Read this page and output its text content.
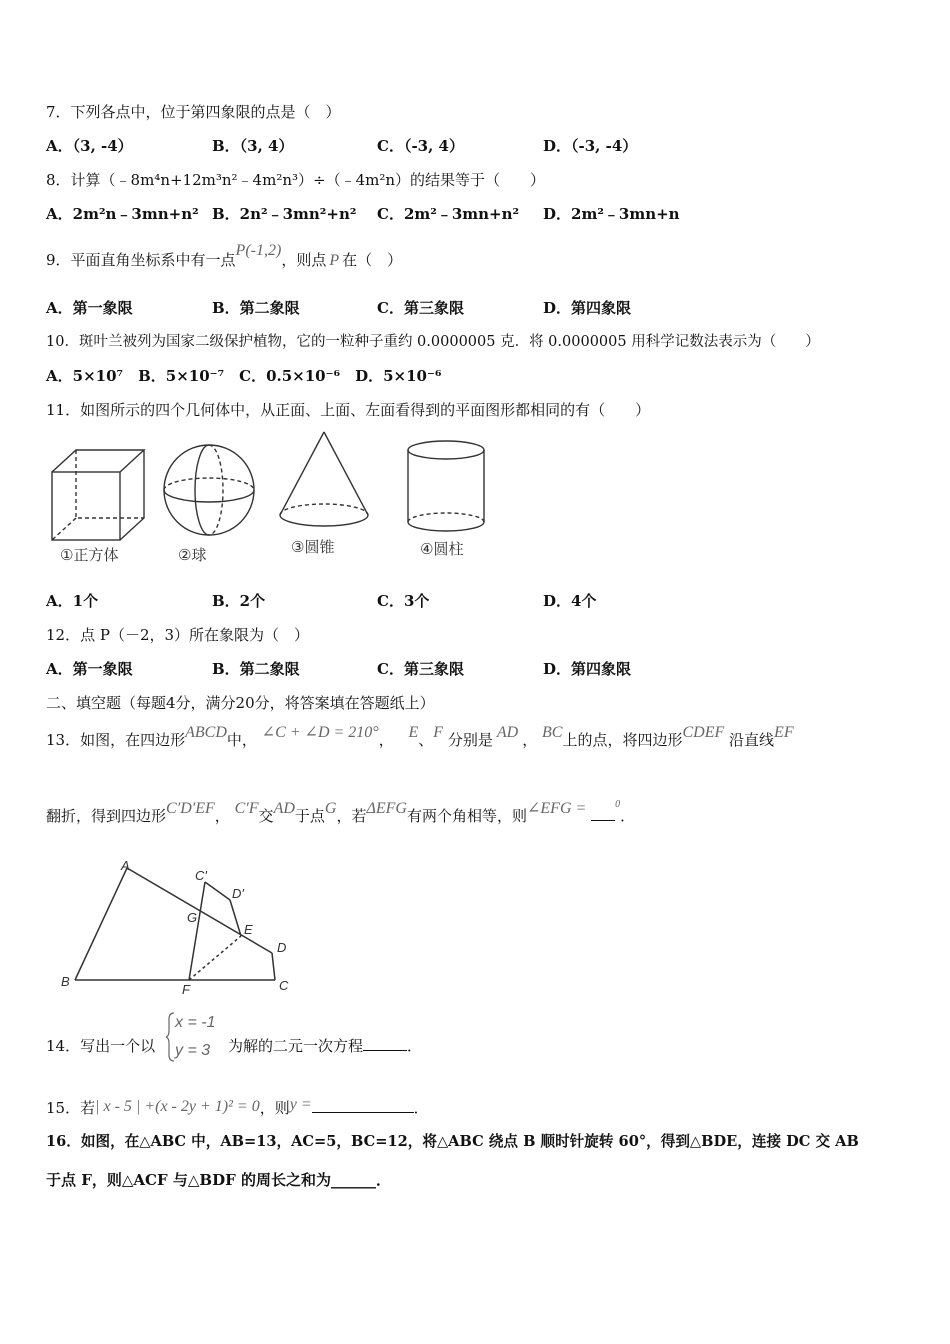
7．下列各点中，位于第四象限的点是（　）
A．（3, -4）	B．（3, 4）	C．（-3, 4）	D．（-3, -4）
8．计算（﹣8m⁴n+12m³n²﹣4m²n³）÷（﹣4m²n）的结果等于（　　）
A．2m²n﹣3mn+n² B．2n²﹣3mn²+n² C．2m²﹣3mn+n² D．2m²﹣3mn+n
9．平面直角坐标系中有一点P(-1,2)，则点 P 在（　）
A．第一象限	B．第二象限	C．第三象限	D．第四象限
10．斑叶兰被列为国家二级保护植物，它的一粒种子重约 0.0000005 克．将 0.0000005 用科学记数法表示为（　　）
A．5×10⁷　B．5×10⁻⁷　C．0.5×10⁻⁶　D．5×10⁻⁶
11．如图所示的四个几何体中，从正面、上面、左面看得到的平面图形都相同的有（　　）
①正方体	②球	③圆锥	④圆柱
A．1个	B．2个	C．3个	D．4个
12．点 P（－2，3）所在象限为（　）
A．第一象限	B．第二象限	C．第三象限	D．第四象限
二、填空题（每题4分，满分20分，将答案填在答题纸上）
13．如图，在四边形ABCD中， ∠C + ∠D = 210°， E、F 分别是 AD ， BC上的点，将四边形CDEF 沿直线EF
翻折，得到四边形C′D′EF， C′F交AD于点G，若ΔEFG有两个角相等，则∠EFG =	$^0$．
A
B	C
D
E
F
G
C'
D'
14．写出一个以
x = -1
y = 3 为解的二元一次方程	．
15．若| x - 5 | +(x - 2y + 1)² = 0，则y =	．
16．如图，在△ABC 中，AB=13，AC=5，BC=12，将△ABC 绕点 B 顺时针旋转 60°，得到△BDE，连接 DC 交 AB
于点 F，则△ACF 与△BDF 的周长之和为______．
